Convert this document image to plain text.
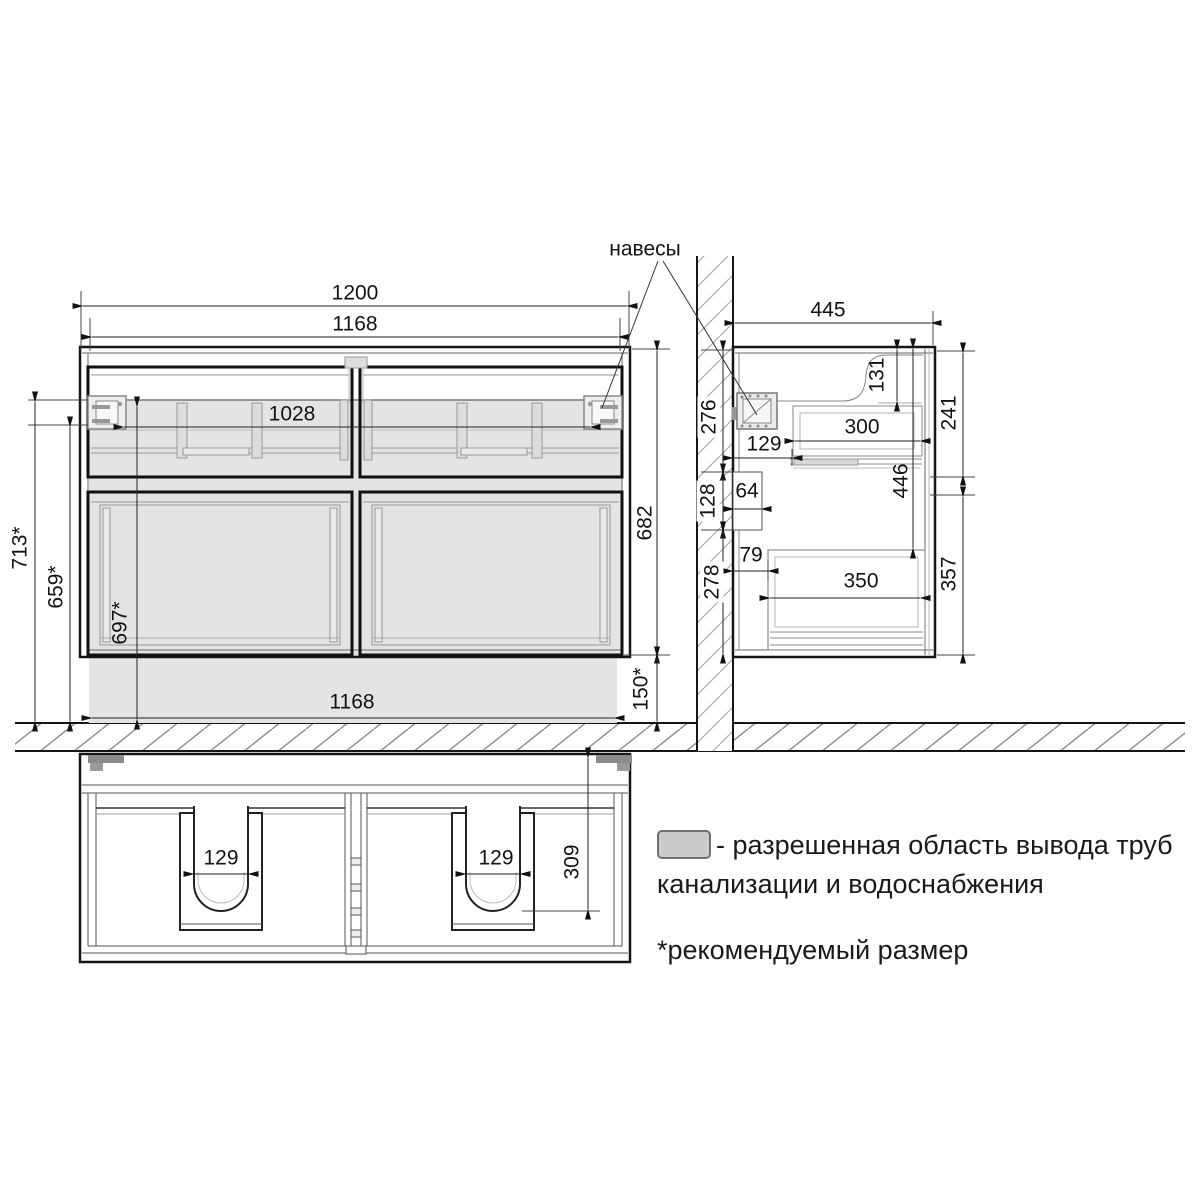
навесы
1200
1168
1028
682
150*
713*
659*
697*
1168
445
131
241
276
129
300
446
64
128
79
278	350	357
129	129 309	- разрешенная область вывода труб
канализации и водоснабжения
*рекомендуемый размер
